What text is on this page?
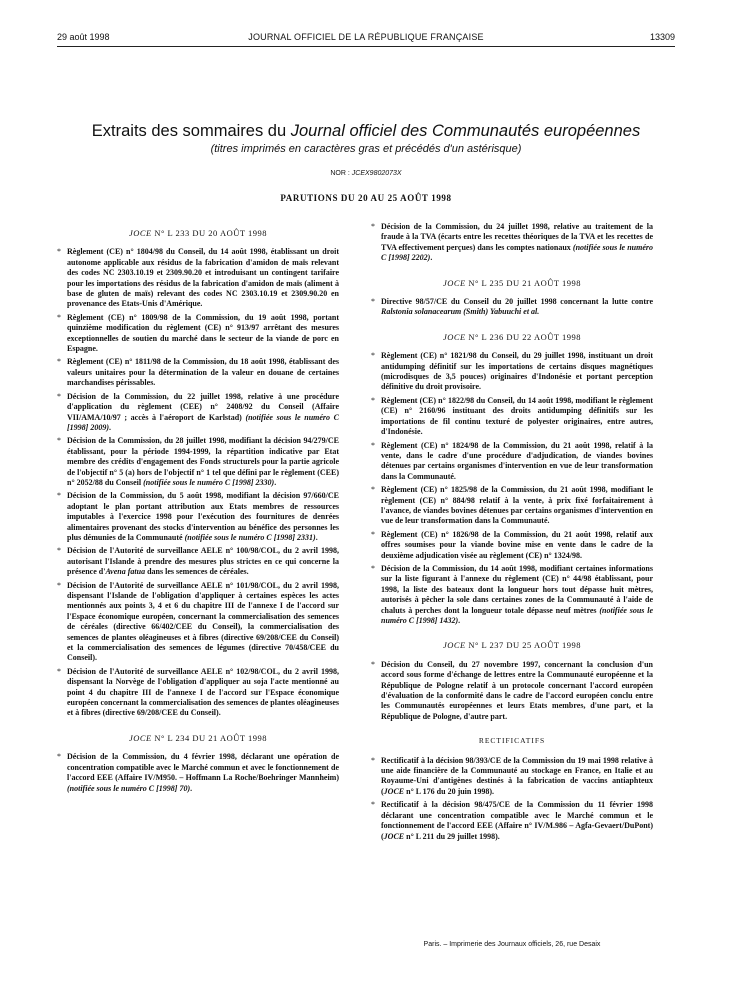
29 août 1998	JOURNAL OFFICIEL DE LA RÉPUBLIQUE FRANÇAISE	13309
Extraits des sommaires du Journal officiel des Communautés européennes
(titres imprimés en caractères gras et précédés d'un astérisque)
NOR : JCEX9802073X
PARUTIONS DU 20 AU 25 AOÛT 1998
JOCE N° L 233 DU 20 AOÛT 1998
* Règlement (CE) n° 1804/98 du Conseil, du 14 août 1998, établissant un droit autonome applicable aux résidus de la fabrication d'amidon de maïs relevant des codes NC 2303.10.19 et 2309.90.20 et introduisant un contingent tarifaire pour les importations des résidus de la fabrication d'amidon de maïs (aliment à base de gluten de maïs) relevant des codes NC 2303.10.19 et 2309.90.20 en provenance des Etats-Unis d'Amérique.
* Règlement (CE) n° 1809/98 de la Commission, du 19 août 1998, portant quinzième modification du règlement (CE) n° 913/97 arrêtant des mesures exceptionnelles de soutien du marché dans le secteur de la viande de porc en Espagne.
* Règlement (CE) n° 1811/98 de la Commission, du 18 août 1998, établissant des valeurs unitaires pour la détermination de la valeur en douane de certaines marchandises périssables.
* Décision de la Commission, du 22 juillet 1998, relative à une procédure d'application du règlement (CEE) n° 2408/92 du Conseil (Affaire VII/AMA/10/97 ; accès à l'aéroport de Karlstad) (notifiée sous le numéro C [1998] 2009).
* Décision de la Commission, du 28 juillet 1998, modifiant la décision 94/279/CE établissant, pour la période 1994-1999, la répartition indicative par Etat membre des crédits d'engagement des Fonds structurels pour la partie agricole de l'objectif n° 5 (a) hors de l'objectif n° 1 tel que défini par le règlement (CEE) n° 2052/88 du Conseil (notifiée sous le numéro C [1998] 2330).
* Décision de la Commission, du 5 août 1998, modifiant la décision 97/660/CE adoptant le plan portant attribution aux Etats membres de ressources imputables à l'exercice 1998 pour l'exécution des fournitures de denrées alimentaires provenant des stocks d'intervention au bénéfice des personnes les plus démunies de la Communauté (notifiée sous le numéro C [1998] 2331).
* Décision de l'Autorité de surveillance AELE n° 100/98/COL, du 2 avril 1998, autorisant l'Islande à prendre des mesures plus strictes en ce qui concerne la présence d'Avena fatua dans les semences de céréales.
* Décision de l'Autorité de surveillance AELE n° 101/98/COL, du 2 avril 1998, dispensant l'Islande de l'obligation d'appliquer à certaines espèces les actes mentionnés aux points 3, 4 et 6 du chapitre III de l'annexe I de l'accord sur l'Espace économique européen, concernant la commercialisation des semences de céréales (directive 66/402/CEE du Conseil), la commercialisation des semences de plantes oléagineuses et à fibres (directive 69/208/CEE du Conseil) et la commercialisation des semences de légumes (directive 70/458/CEE du Conseil).
* Décision de l'Autorité de surveillance AELE n° 102/98/COL, du 2 avril 1998, dispensant la Norvège de l'obligation d'appliquer au soja l'acte mentionné au point 4 du chapitre III de l'annexe I de l'accord sur l'Espace économique européen concernant la commercialisation des semences de plantes oléagineuses et à fibres (directive 69/208/CEE du Conseil).
JOCE N° L 234 DU 21 AOÛT 1998
* Décision de la Commission, du 4 février 1998, déclarant une opération de concentration compatible avec le Marché commun et avec le fonctionnement de l'accord EEE (Affaire IV/M950. – Hoffmann La Roche/Boehringer Mannheim) (notifiée sous le numéro C [1998] 70).
* Décision de la Commission, du 24 juillet 1998, relative au traitement de la fraude à la TVA (écarts entre les recettes théoriques de la TVA et les recettes de TVA effectivement perçues) dans les comptes nationaux (notifiée sous le numéro C [1998] 2202).
JOCE N° L 235 DU 21 AOÛT 1998
* Directive 98/57/CE du Conseil du 20 juillet 1998 concernant la lutte contre Ralstonia solanacearum (Smith) Yabuuchi et al.
JOCE N° L 236 DU 22 AOÛT 1998
* Règlement (CE) n° 1821/98 du Conseil, du 29 juillet 1998, instituant un droit antidumping définitif sur les importations de certains disques magnétiques (microdisques de 3,5 pouces) originaires d'Indonésie et portant perception définitive du droit provisoire.
* Règlement (CE) n° 1822/98 du Conseil, du 14 août 1998, modifiant le règlement (CE) n° 2160/96 instituant des droits antidumping définitifs sur les importations de fil continu texturé de polyester originaires, entre autres, d'Indonésie.
* Règlement (CE) n° 1824/98 de la Commission, du 21 août 1998, relatif à la vente, dans le cadre d'une procédure d'adjudication, de viandes bovines détenues par certains organismes d'intervention en vue de leur transformation dans la Communauté.
* Règlement (CE) n° 1825/98 de la Commission, du 21 août 1998, modifiant le règlement (CE) n° 884/98 relatif à la vente, à prix fixé forfaitairement à l'avance, de viandes bovines détenues par certains organismes d'intervention en vue de leur transformation dans la Communauté.
* Règlement (CE) n° 1826/98 de la Commission, du 21 août 1998, relatif aux offres soumises pour la viande bovine mise en vente dans le cadre de la deuxième adjudication visée au règlement (CE) n° 1324/98.
* Décision de la Commission, du 14 août 1998, modifiant certaines informations sur la liste figurant à l'annexe du règlement (CE) n° 44/98 établissant, pour 1998, la liste des bateaux dont la longueur hors tout dépasse huit mètres, autorisés à pêcher la sole dans certaines zones de la Communauté à l'aide de chaluts à perches dont la longueur totale dépasse neuf mètres (notifiée sous le numéro C [1998] 1432).
JOCE N° L 237 DU 25 AOÛT 1998
* Décision du Conseil, du 27 novembre 1997, concernant la conclusion d'un accord sous forme d'échange de lettres entre la Communauté européenne et la République de Pologne relatif à un protocole concernant l'accord européen d'évaluation de la conformité dans le cadre de l'accord européen conclu entre les Communautés européennes et leurs Etats membres, d'une part, et la République de Pologne, d'autre part.
RECTIFICATIFS
* Rectificatif à la décision 98/393/CE de la Commission du 19 mai 1998 relative à une aide financière de la Communauté au stockage en France, en Italie et au Royaume-Uni d'antigènes destinés à la fabrication de vaccins antiaphteux (JOCE n° L 176 du 20 juin 1998).
* Rectificatif à la décision 98/475/CE de la Commission du 11 février 1998 déclarant une concentration compatible avec le Marché commun et le fonctionnement de l'accord EEE (Affaire n° IV/M.986 – Agfa-Gevaert/DuPont) (JOCE n° L 211 du 29 juillet 1998).
Paris. – Imprimerie des Journaux officiels, 26, rue Desaix
